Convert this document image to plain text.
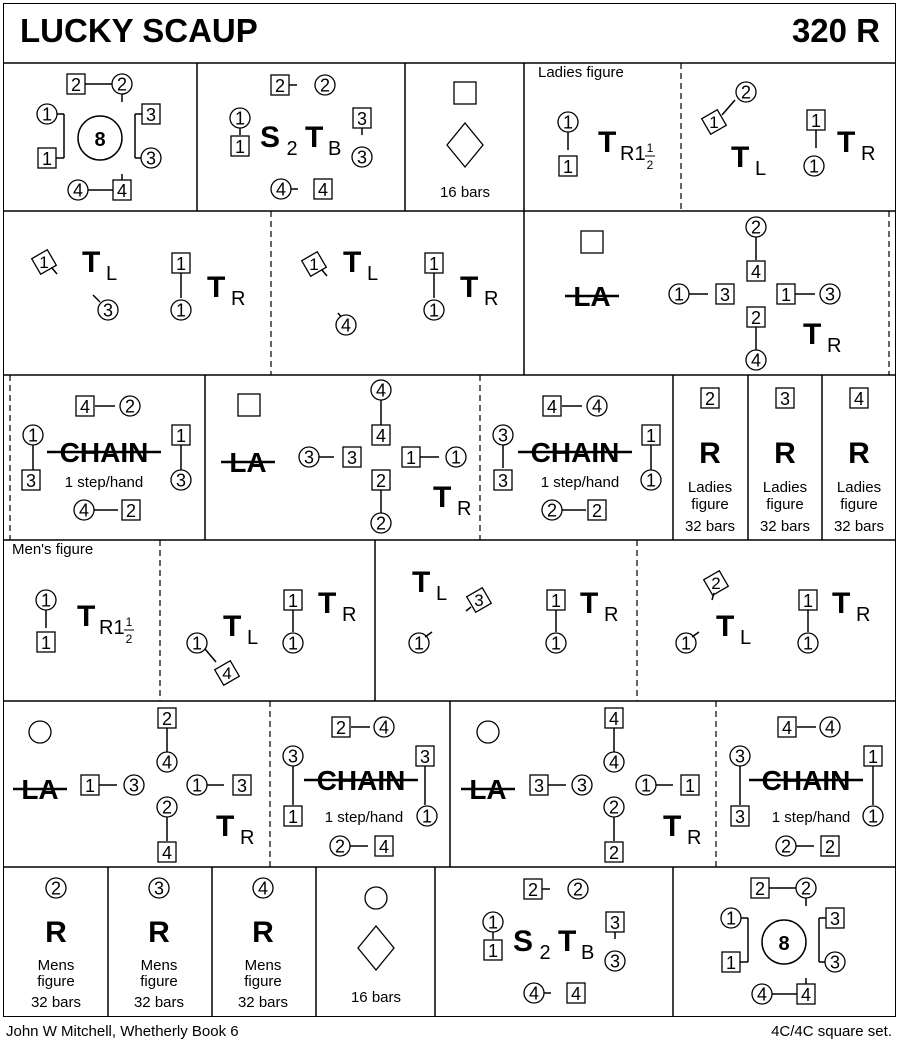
LUCKY SCAUP	320 R
John W Mitchell, Whetherly Book 6	4C/4C square set.
8
2 2
3
3
1
1
4 4
8
2 2
3
3
1
1
4 4
2 2
1
1
3
3
S 2 T B
4 4
2 2
1
1
3
3
S 2 T B
4 4
16 bars
Ladies figure
1
1
T R1 1
2
1
2
T L
1
1
T R
1 T L
3
1
1
T R
1 T L
4
1
1
T R	LA	1 3	1 3
2
4
2
4
T R
4 2
1
3
CHAIN
1
3
1 step/hand
4 2
LA 3 3	1 1
4
4
2
2
T R
4 4
3
3
CHAIN
1
1
1 step/hand
2 2
2
R
Ladies
figure
32 bars
3
R
Ladies
figure
32 bars
4
R
Ladies
figure
32 bars
Men's figure
1
1
T R1 1
2	1
4
T L
1
1
T R
T L 3
1
1
1
T R
2
1
T L
1
1
T R
LA 1 3	1 3
2
4
2
4
T R
2 4
3
1
3
1
CHAIN
1 step/hand
2 4
LA 3 3	1 1
4
4
2
2
T R
4 4
3
3
1
1
CHAIN
1 step/hand
2 2
2
R
Mens
figure
32 bars
3
R
Mens
figure
32 bars
4
R
Mens
figure
32 bars	16 bars
